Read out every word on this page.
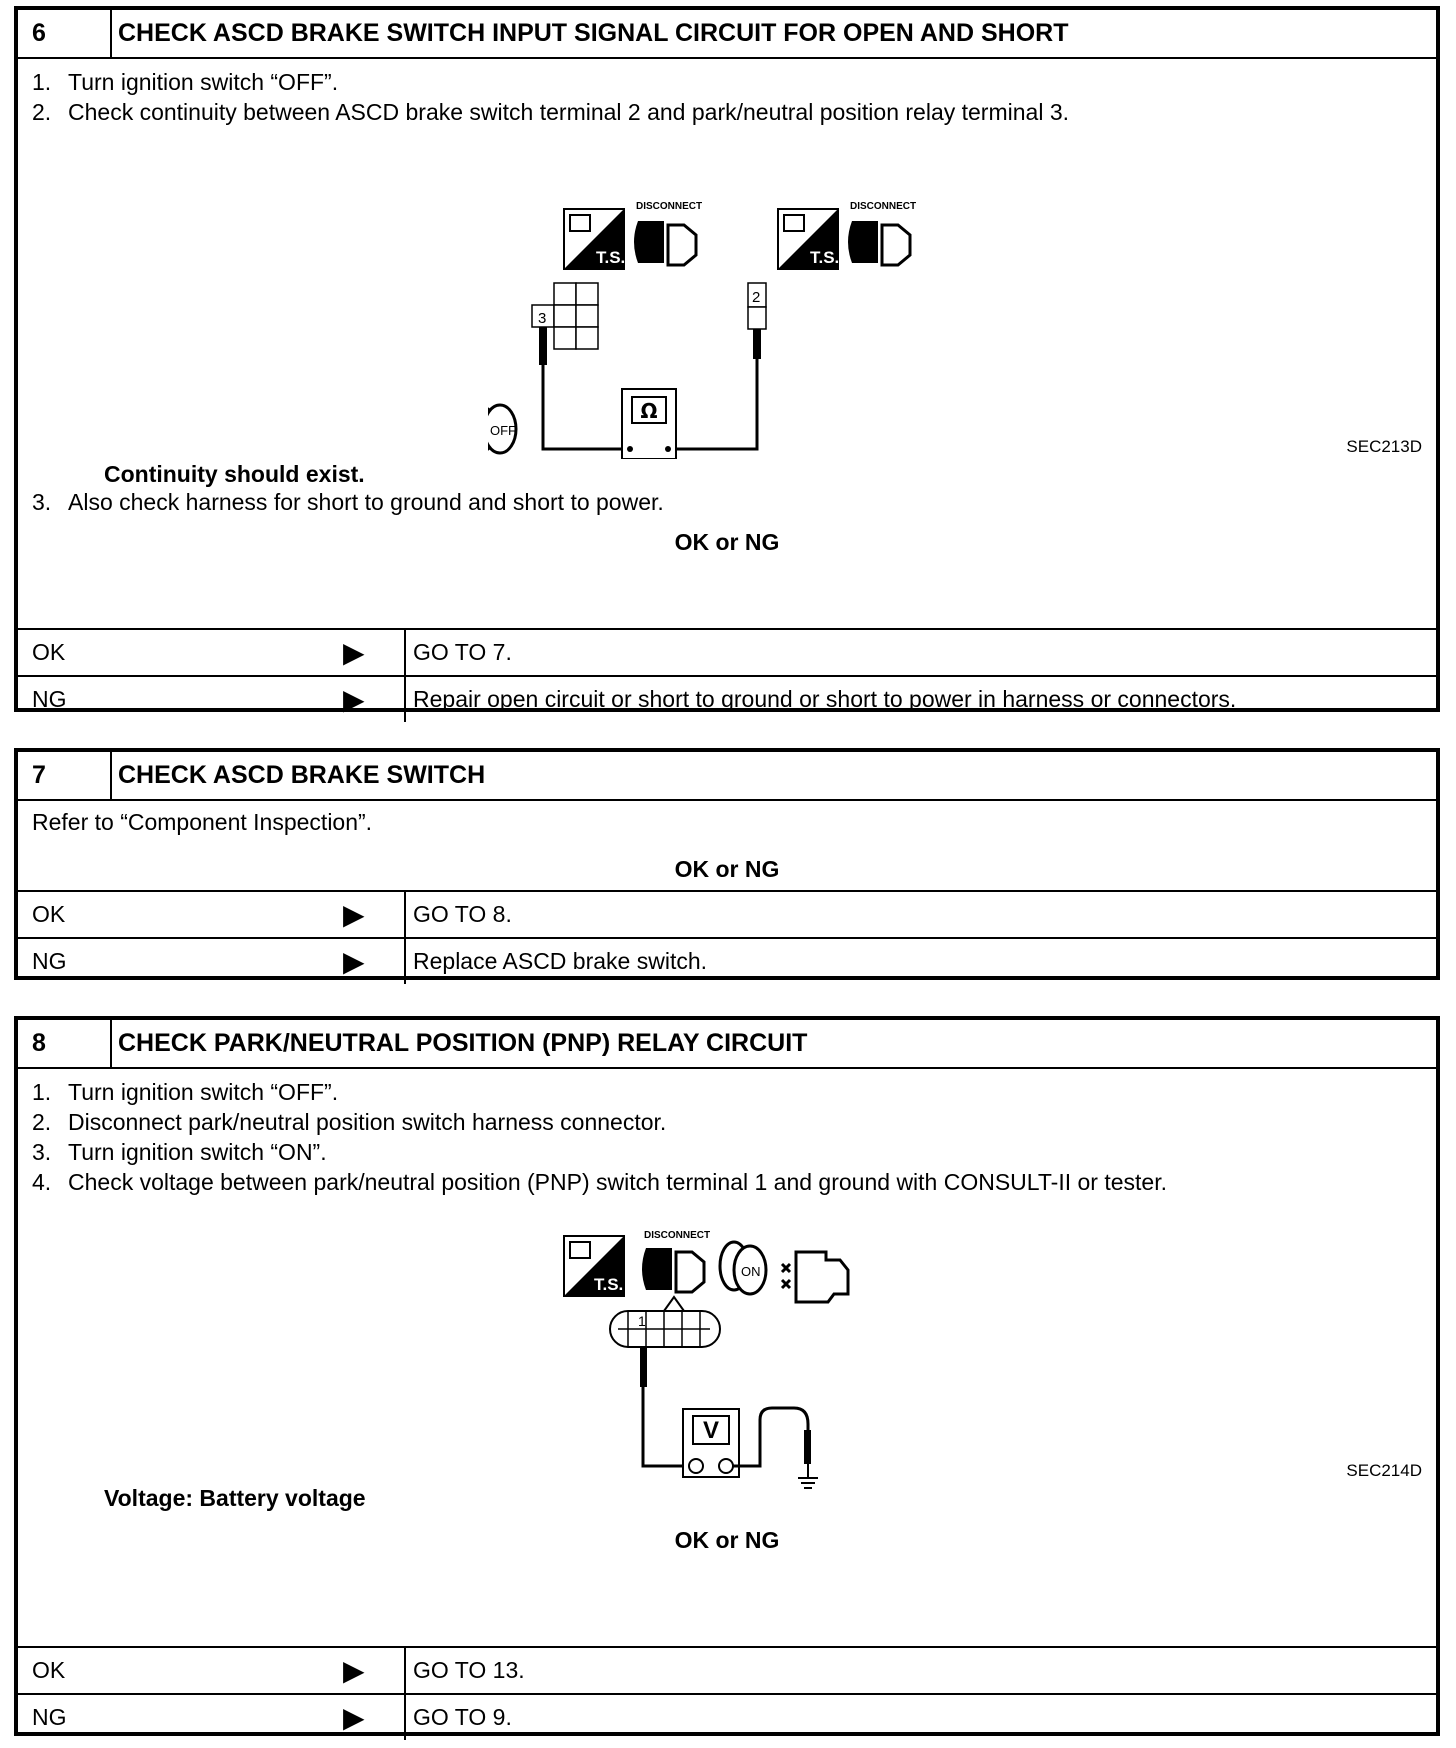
6	CHECK ASCD BRAKE SWITCH INPUT SIGNAL CIRCUIT FOR OPEN AND SHORT
1. Turn ignition switch “OFF”.
2. Check continuity between ASCD brake switch terminal 2 and park/neutral position relay terminal 3.
T.S.
DISCONNECT
T.S.
DISCONNECT
3
2
Ω
OFF
SEC213D
Continuity should exist.
3. Also check harness for short to ground and short to power.
OK or NG
OK	▶	GO TO 7.
NG	▶	Repair open circuit or short to ground or short to power in harness or connectors.
7	CHECK ASCD BRAKE SWITCH
Refer to “Component Inspection”.
OK or NG
OK	▶	GO TO 8.
NG	▶	Replace ASCD brake switch.
8	CHECK PARK/NEUTRAL POSITION (PNP) RELAY CIRCUIT
1. Turn ignition switch “OFF”.
2. Disconnect park/neutral position switch harness connector.
3. Turn ignition switch “ON”.
4. Check voltage between park/neutral position (PNP) switch terminal 1 and ground with CONSULT-II or tester.
T.S.
DISCONNECT
ON
1
V
SEC214D
Voltage: Battery voltage
OK or NG
OK	▶	GO TO 13.
NG	▶	GO TO 9.
